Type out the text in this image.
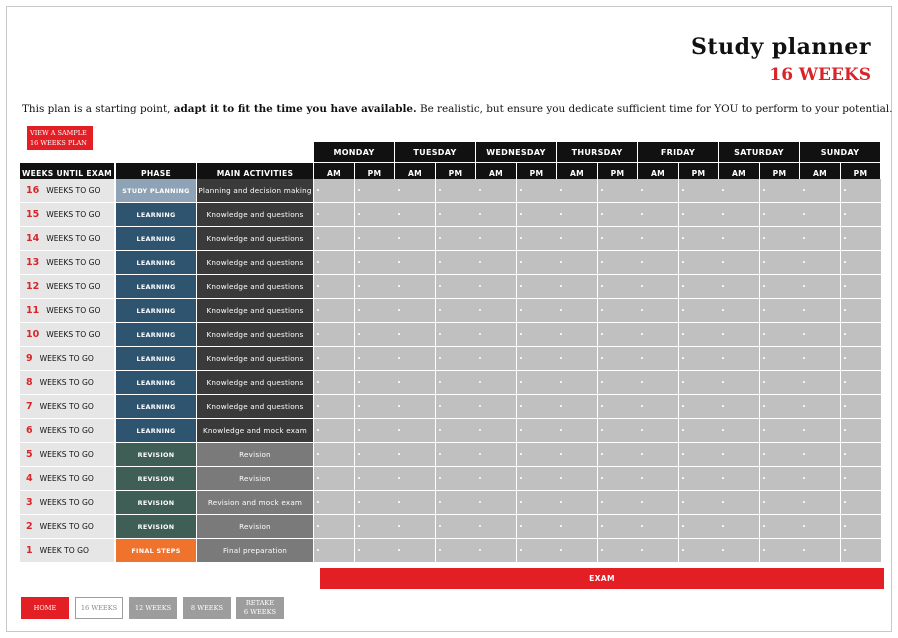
Study planner
16 WEEKS
This plan is a starting point, adapt it to fit the time you have available. Be realistic, but ensure you dedicate sufficient time for YOU to perform to your potential.
VIEW A SAMPLE
16 WEEKS PLAN
MONDAY	TUESDAY	WEDNESDAY	THURSDAY	FRIDAY	SATURDAY	SUNDAY
WEEKS UNTIL EXAM	PHASE	MAIN ACTIVITIES	AM	PM	AM	PM	AM	PM	AM	PM	AM	PM	AM	PM	AM	PM
16 WEEKS TO GO	STUDY PLANNING	Planning and decision making
15 WEEKS TO GO	LEARNING	Knowledge and questions
14 WEEKS TO GO	LEARNING	Knowledge and questions
13 WEEKS TO GO	LEARNING	Knowledge and questions
12 WEEKS TO GO	LEARNING	Knowledge and questions
11 WEEKS TO GO	LEARNING	Knowledge and questions
10 WEEKS TO GO	LEARNING	Knowledge and questions
9 WEEKS TO GO	LEARNING	Knowledge and questions
8 WEEKS TO GO	LEARNING	Knowledge and questions
7 WEEKS TO GO	LEARNING	Knowledge and questions
6 WEEKS TO GO	LEARNING	Knowledge and mock exam
5 WEEKS TO GO	REVISION	Revision
4 WEEKS TO GO	REVISION	Revision
3 WEEKS TO GO	REVISION	Revision and mock exam
2 WEEKS TO GO	REVISION	Revision
1 WEEK TO GO	FINAL STEPS	Final preparation
EXAM
HOME	16 WEEKS	12 WEEKS	8 WEEKS
RETAKE
6 WEEKS
